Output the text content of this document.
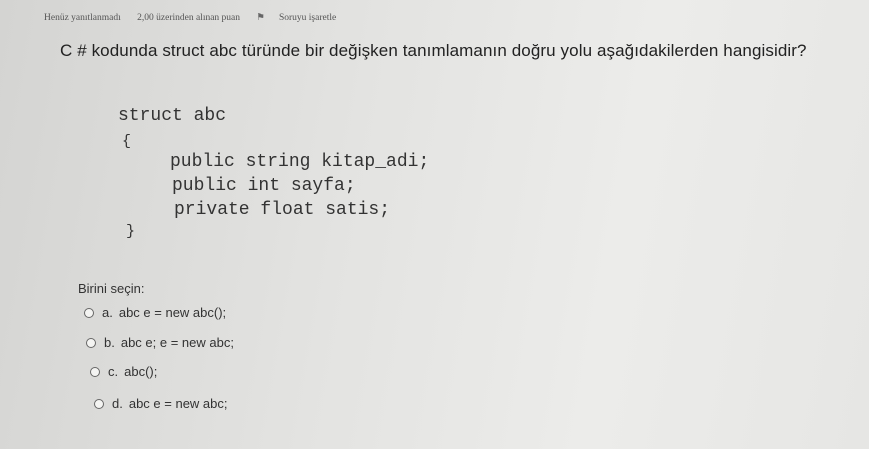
Henüz yanıtlanmadı 2,00 üzerinden alınan puan ⚑ Soruyu işaretle
C # kodunda struct abc türünde bir değişken tanımlamanın doğru yolu aşağıdakilerden hangisidir?
struct abc
{
public string kitap_adi;
public int sayfa;
private float satis;
}
Birini seçin:
a. abc e = new abc();
b. abc e; e = new abc;
c. abc();
d. abc e = new abc;
